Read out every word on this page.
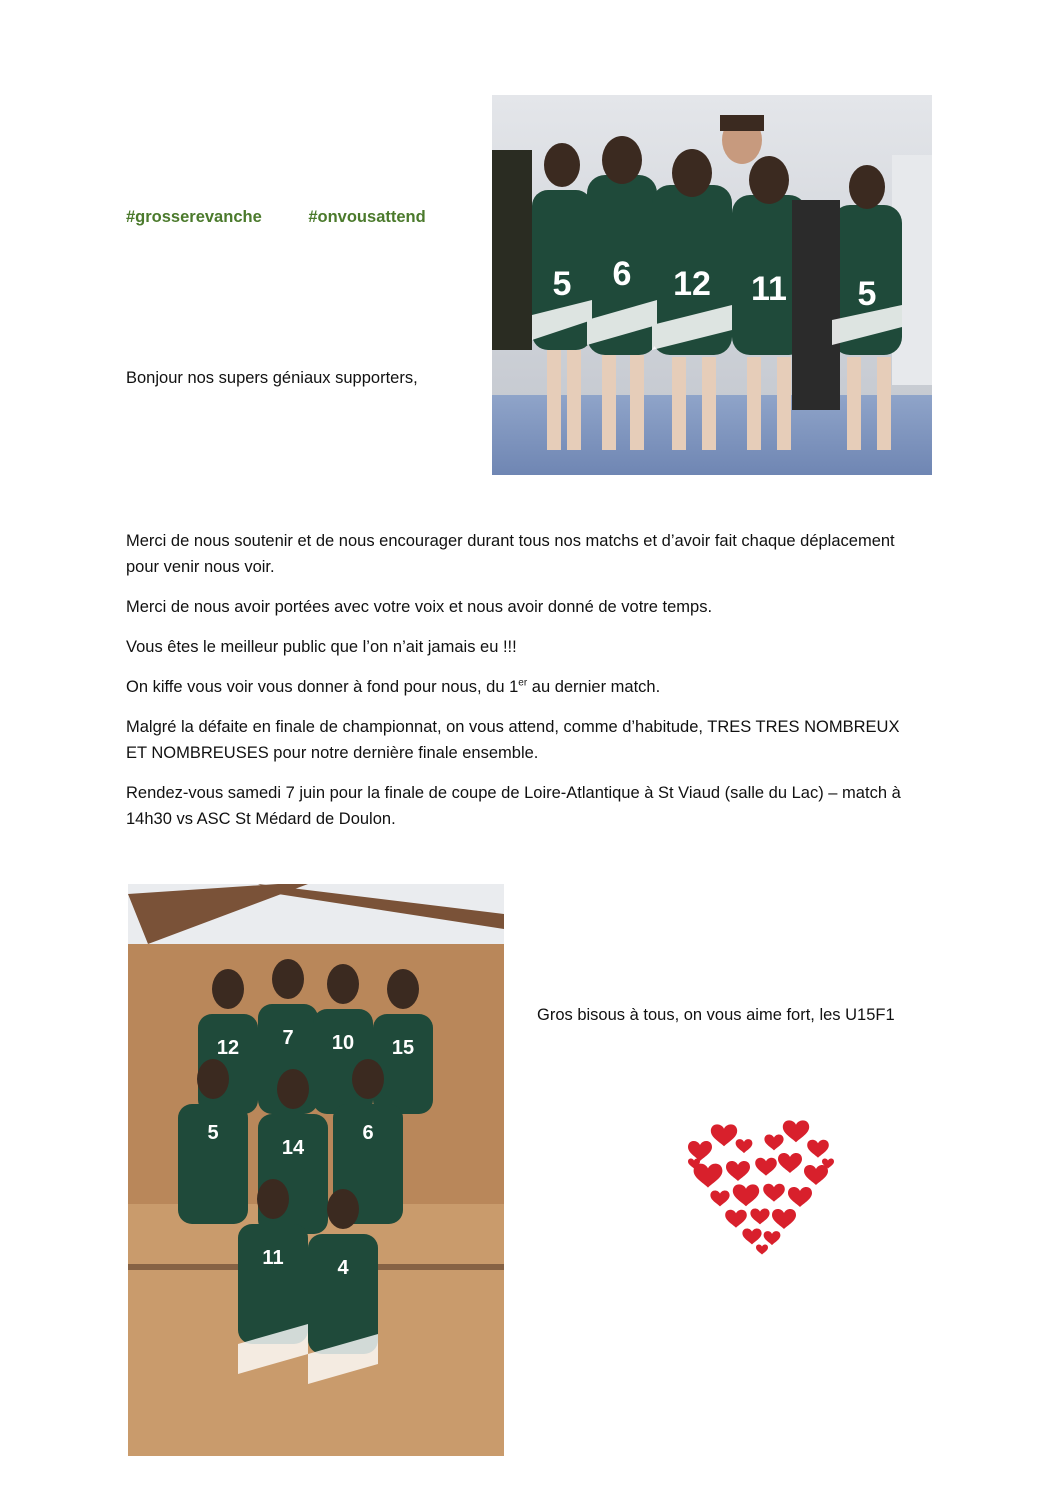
#grosserevanche	#onvousattend
Bonjour nos supers géniaux supporters,

Merci de nous soutenir et de nous encourager durant tous nos matchs et d’avoir fait chaque déplacement pour venir nous voir.

Merci de nous avoir portées avec votre voix et nous avoir donné de votre temps.

Vous êtes le meilleur public que l’on n’ait jamais eu !!!

On kiffe vous voir vous donner à fond pour nous, du 1er au dernier match.

Malgré la défaite en finale de championnat, on vous attend, comme d’habitude, TRES TRES NOMBREUX ET NOMBREUSES pour notre dernière finale ensemble.

Rendez-vous samedi 7 juin pour la finale de coupe de Loire-Atlantique à St Viaud (salle du Lac) – match à 14h30 vs ASC St Médard de Doulon.

5 6 12 11 5
12 7 10 15
5
14
6
11	4
Gros bisous à tous, on vous aime fort, les U15F1
